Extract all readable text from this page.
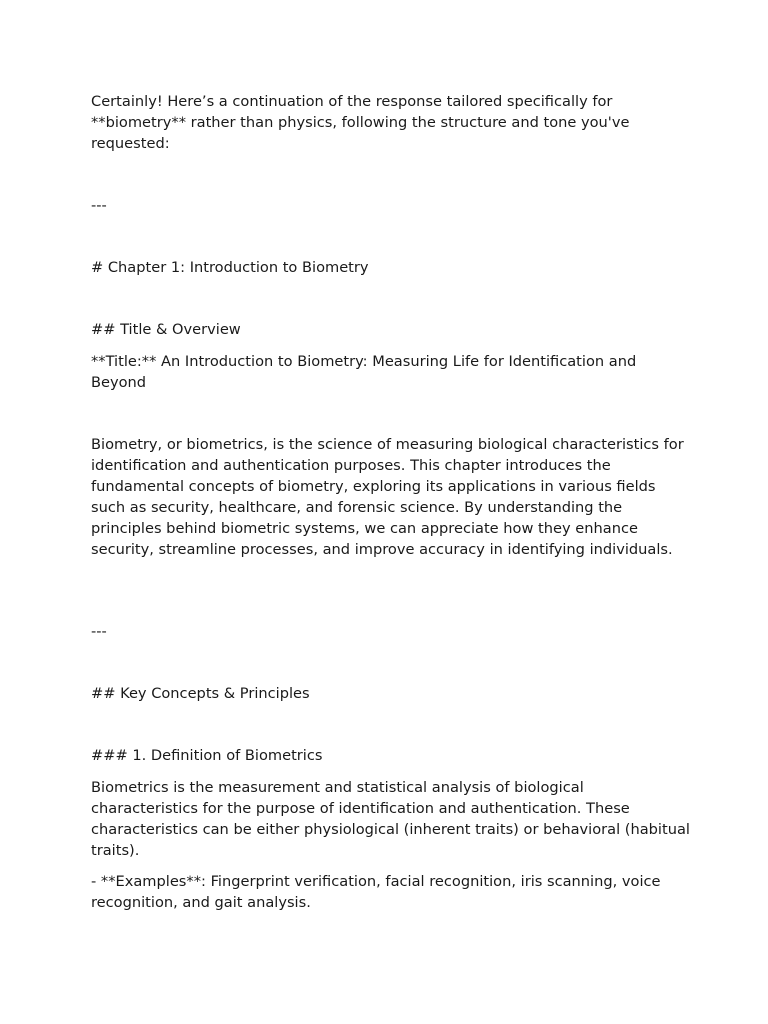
Certainly! Here’s a continuation of the response tailored specifically for **biometry** rather than physics, following the structure and tone you've requested:

---

# Chapter 1: Introduction to Biometry

## Title & Overview

**Title:** An Introduction to Biometry: Measuring Life for Identification and Beyond

Biometry, or biometrics, is the science of measuring biological characteristics for identification and authentication purposes. This chapter introduces the fundamental concepts of biometry, exploring its applications in various fields such as security, healthcare, and forensic science. By understanding the principles behind biometric systems, we can appreciate how they enhance security, streamline processes, and improve accuracy in identifying individuals.

---

## Key Concepts & Principles

### 1. Definition of Biometrics

Biometrics is the measurement and statistical analysis of biological characteristics for the purpose of identification and authentication. These characteristics can be either physiological (inherent traits) or behavioral (habitual traits).

- **Examples**: Fingerprint verification, facial recognition, iris scanning, voice recognition, and gait analysis.
